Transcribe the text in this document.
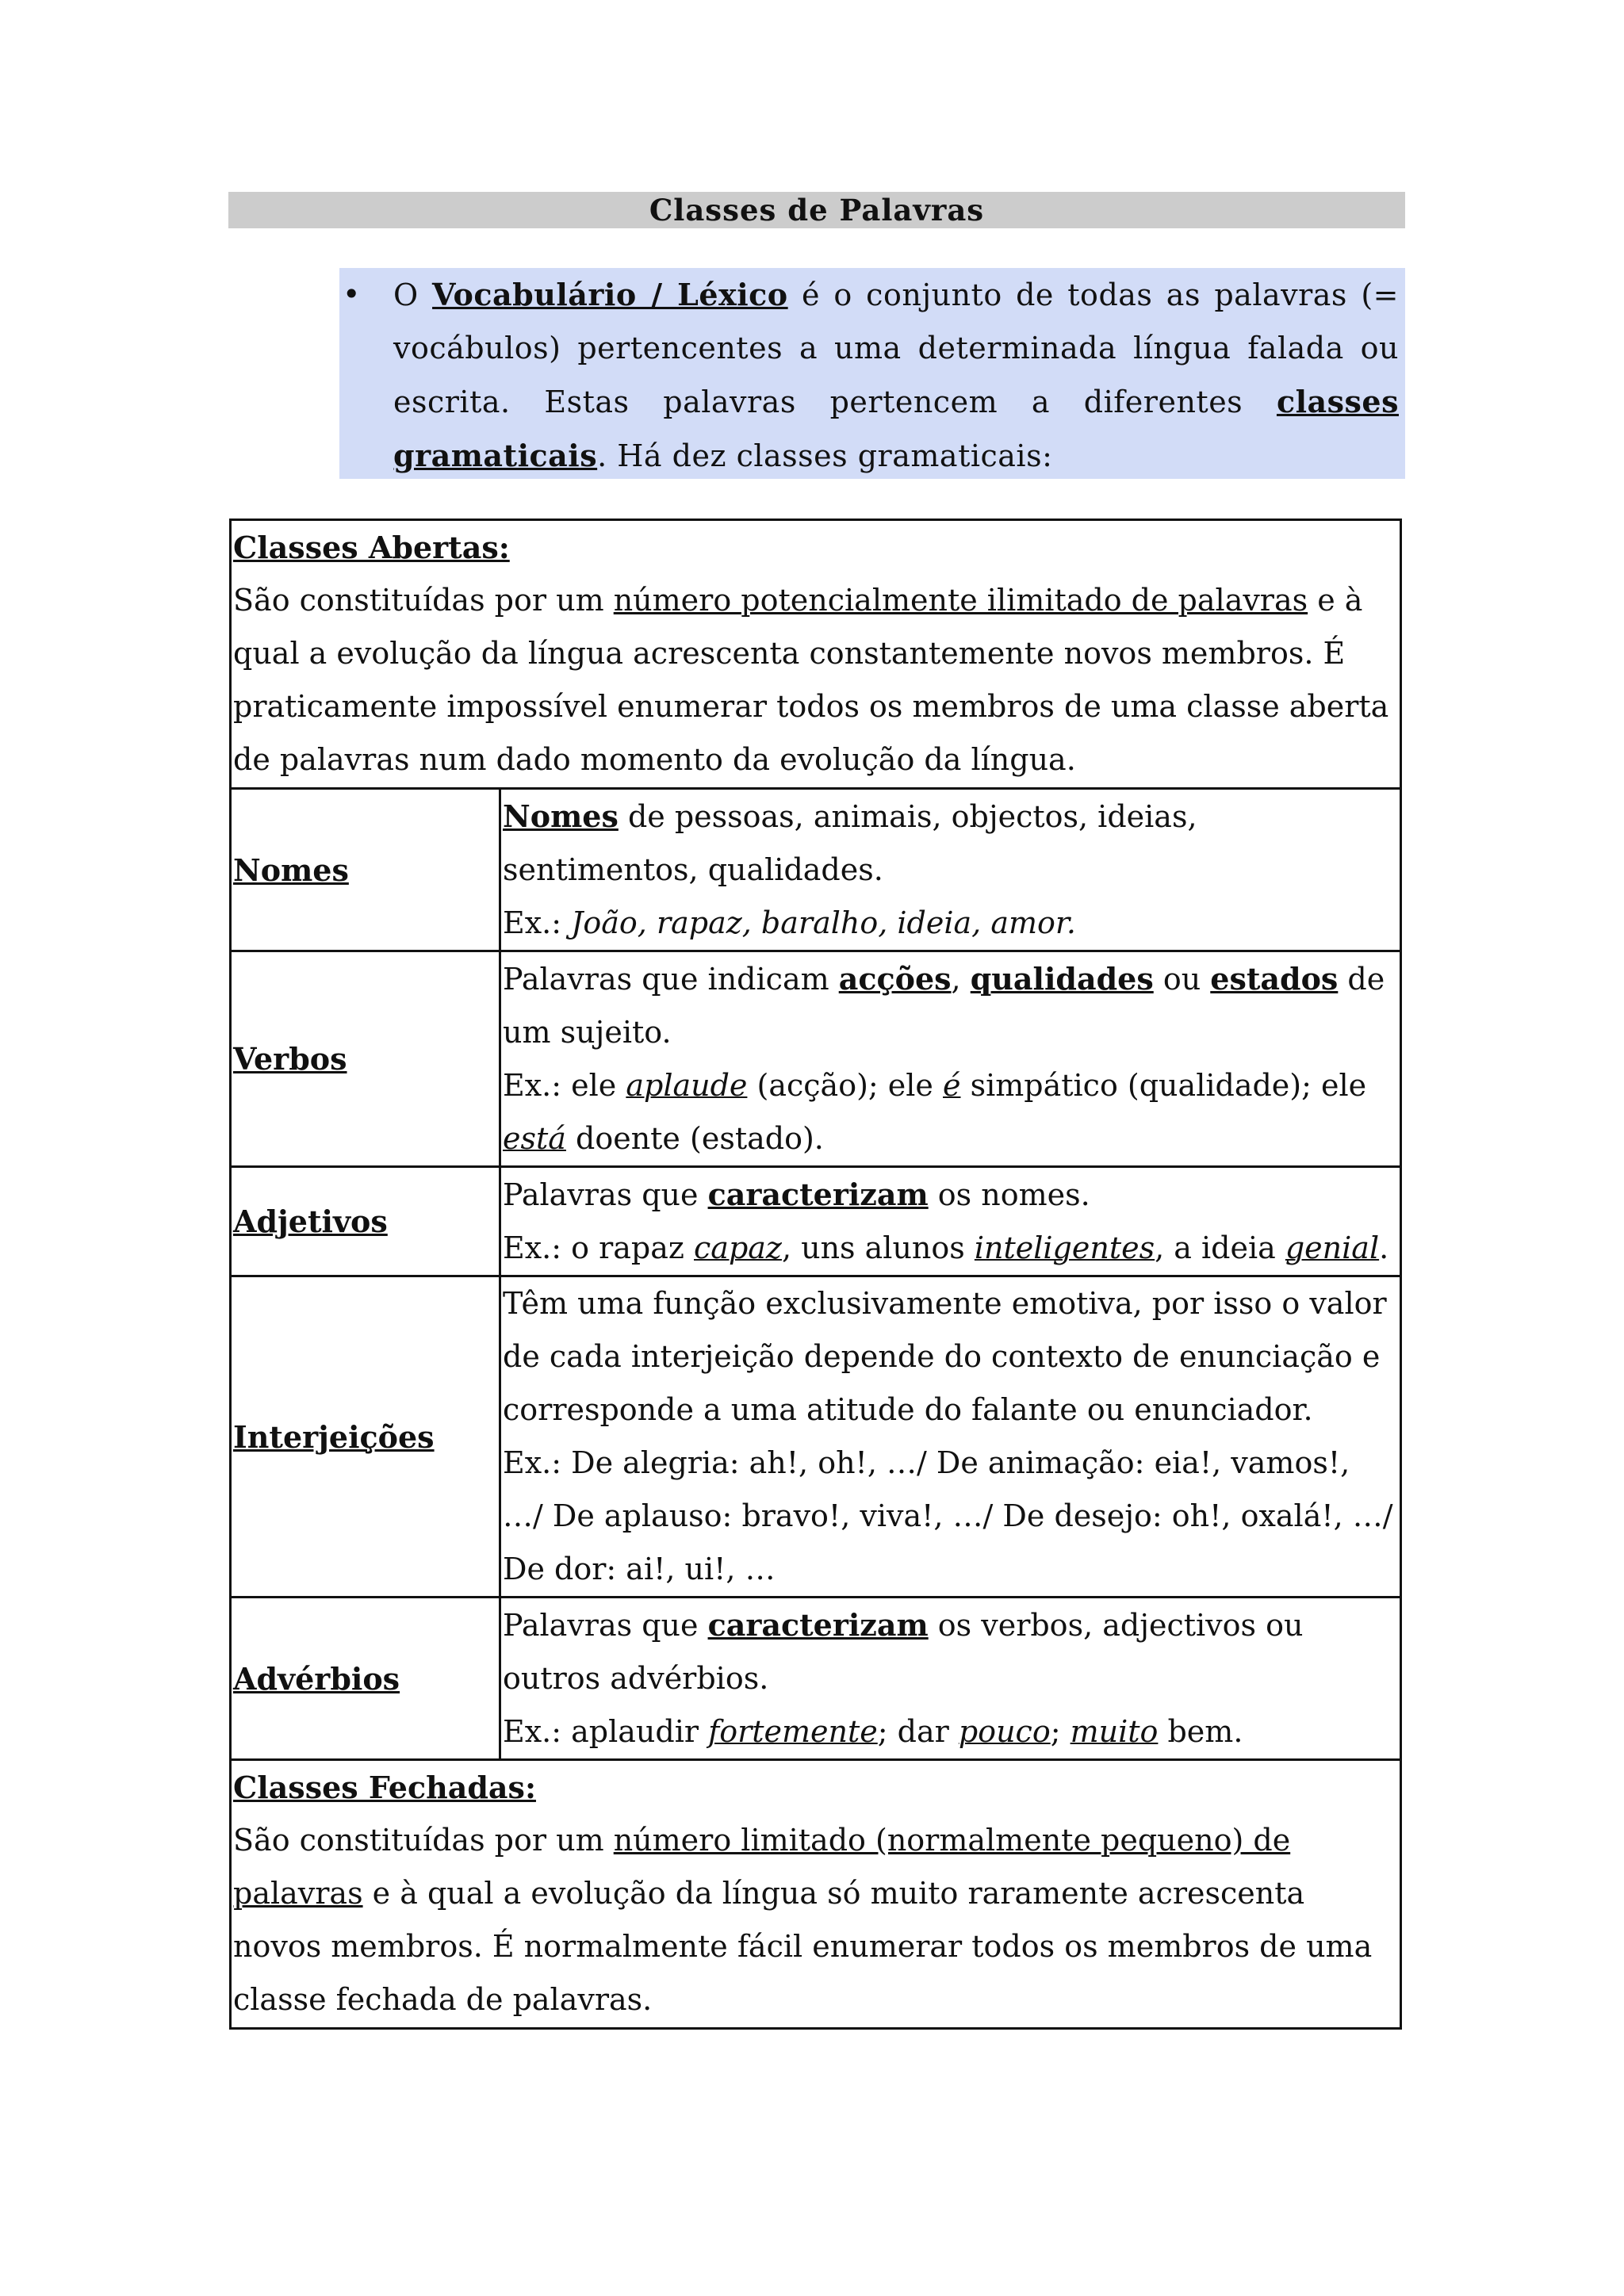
Classes de Palavras
• O Vocabulário / Léxico é o conjunto de todas as palavras (= vocábulos) pertencentes a uma determinada língua falada ou escrita. Estas palavras pertencem a diferentes classes gramaticais. Há dez classes gramaticais:
Classes Abertas:
São constituídas por um número potencialmente ilimitado de palavras e à qual a evolução da língua acrescenta constantemente novos membros. É praticamente impossível enumerar todos os membros de uma classe aberta de palavras num dado momento da evolução da língua.	

Nomes	Nomes de pessoas, animais, objectos, ideias, sentimentos, qualidades.
Ex.: João, rapaz, baralho, ideia, amor.

Verbos	Palavras que indicam acções, qualidades ou estados de um sujeito.
Ex.: ele aplaude (acção); ele é simpático (qualidade); ele está doente (estado).

Adjetivos	Palavras que caracterizam os nomes.
Ex.: o rapaz capaz, uns alunos inteligentes, a ideia genial.

Interjeições	Têm uma função exclusivamente emotiva, por isso o valor de cada interjeição depende do contexto de enunciação e corresponde a uma atitude do falante ou enunciador.
Ex.: De alegria: ah!, oh!, …/ De animação: eia!, vamos!, …/ De aplauso: bravo!, viva!, …/ De desejo: oh!, oxalá!, …/ De dor: ai!, ui!, …

Advérbios	Palavras que caracterizam os verbos, adjectivos ou outros advérbios.
Ex.: aplaudir fortemente; dar pouco; muito bem.

Classes Fechadas:
São constituídas por um número limitado (normalmente pequeno) de palavras e à qual a evolução da língua só muito raramente acrescenta novos membros. É normalmente fácil enumerar todos os membros de uma classe fechada de palavras.	
